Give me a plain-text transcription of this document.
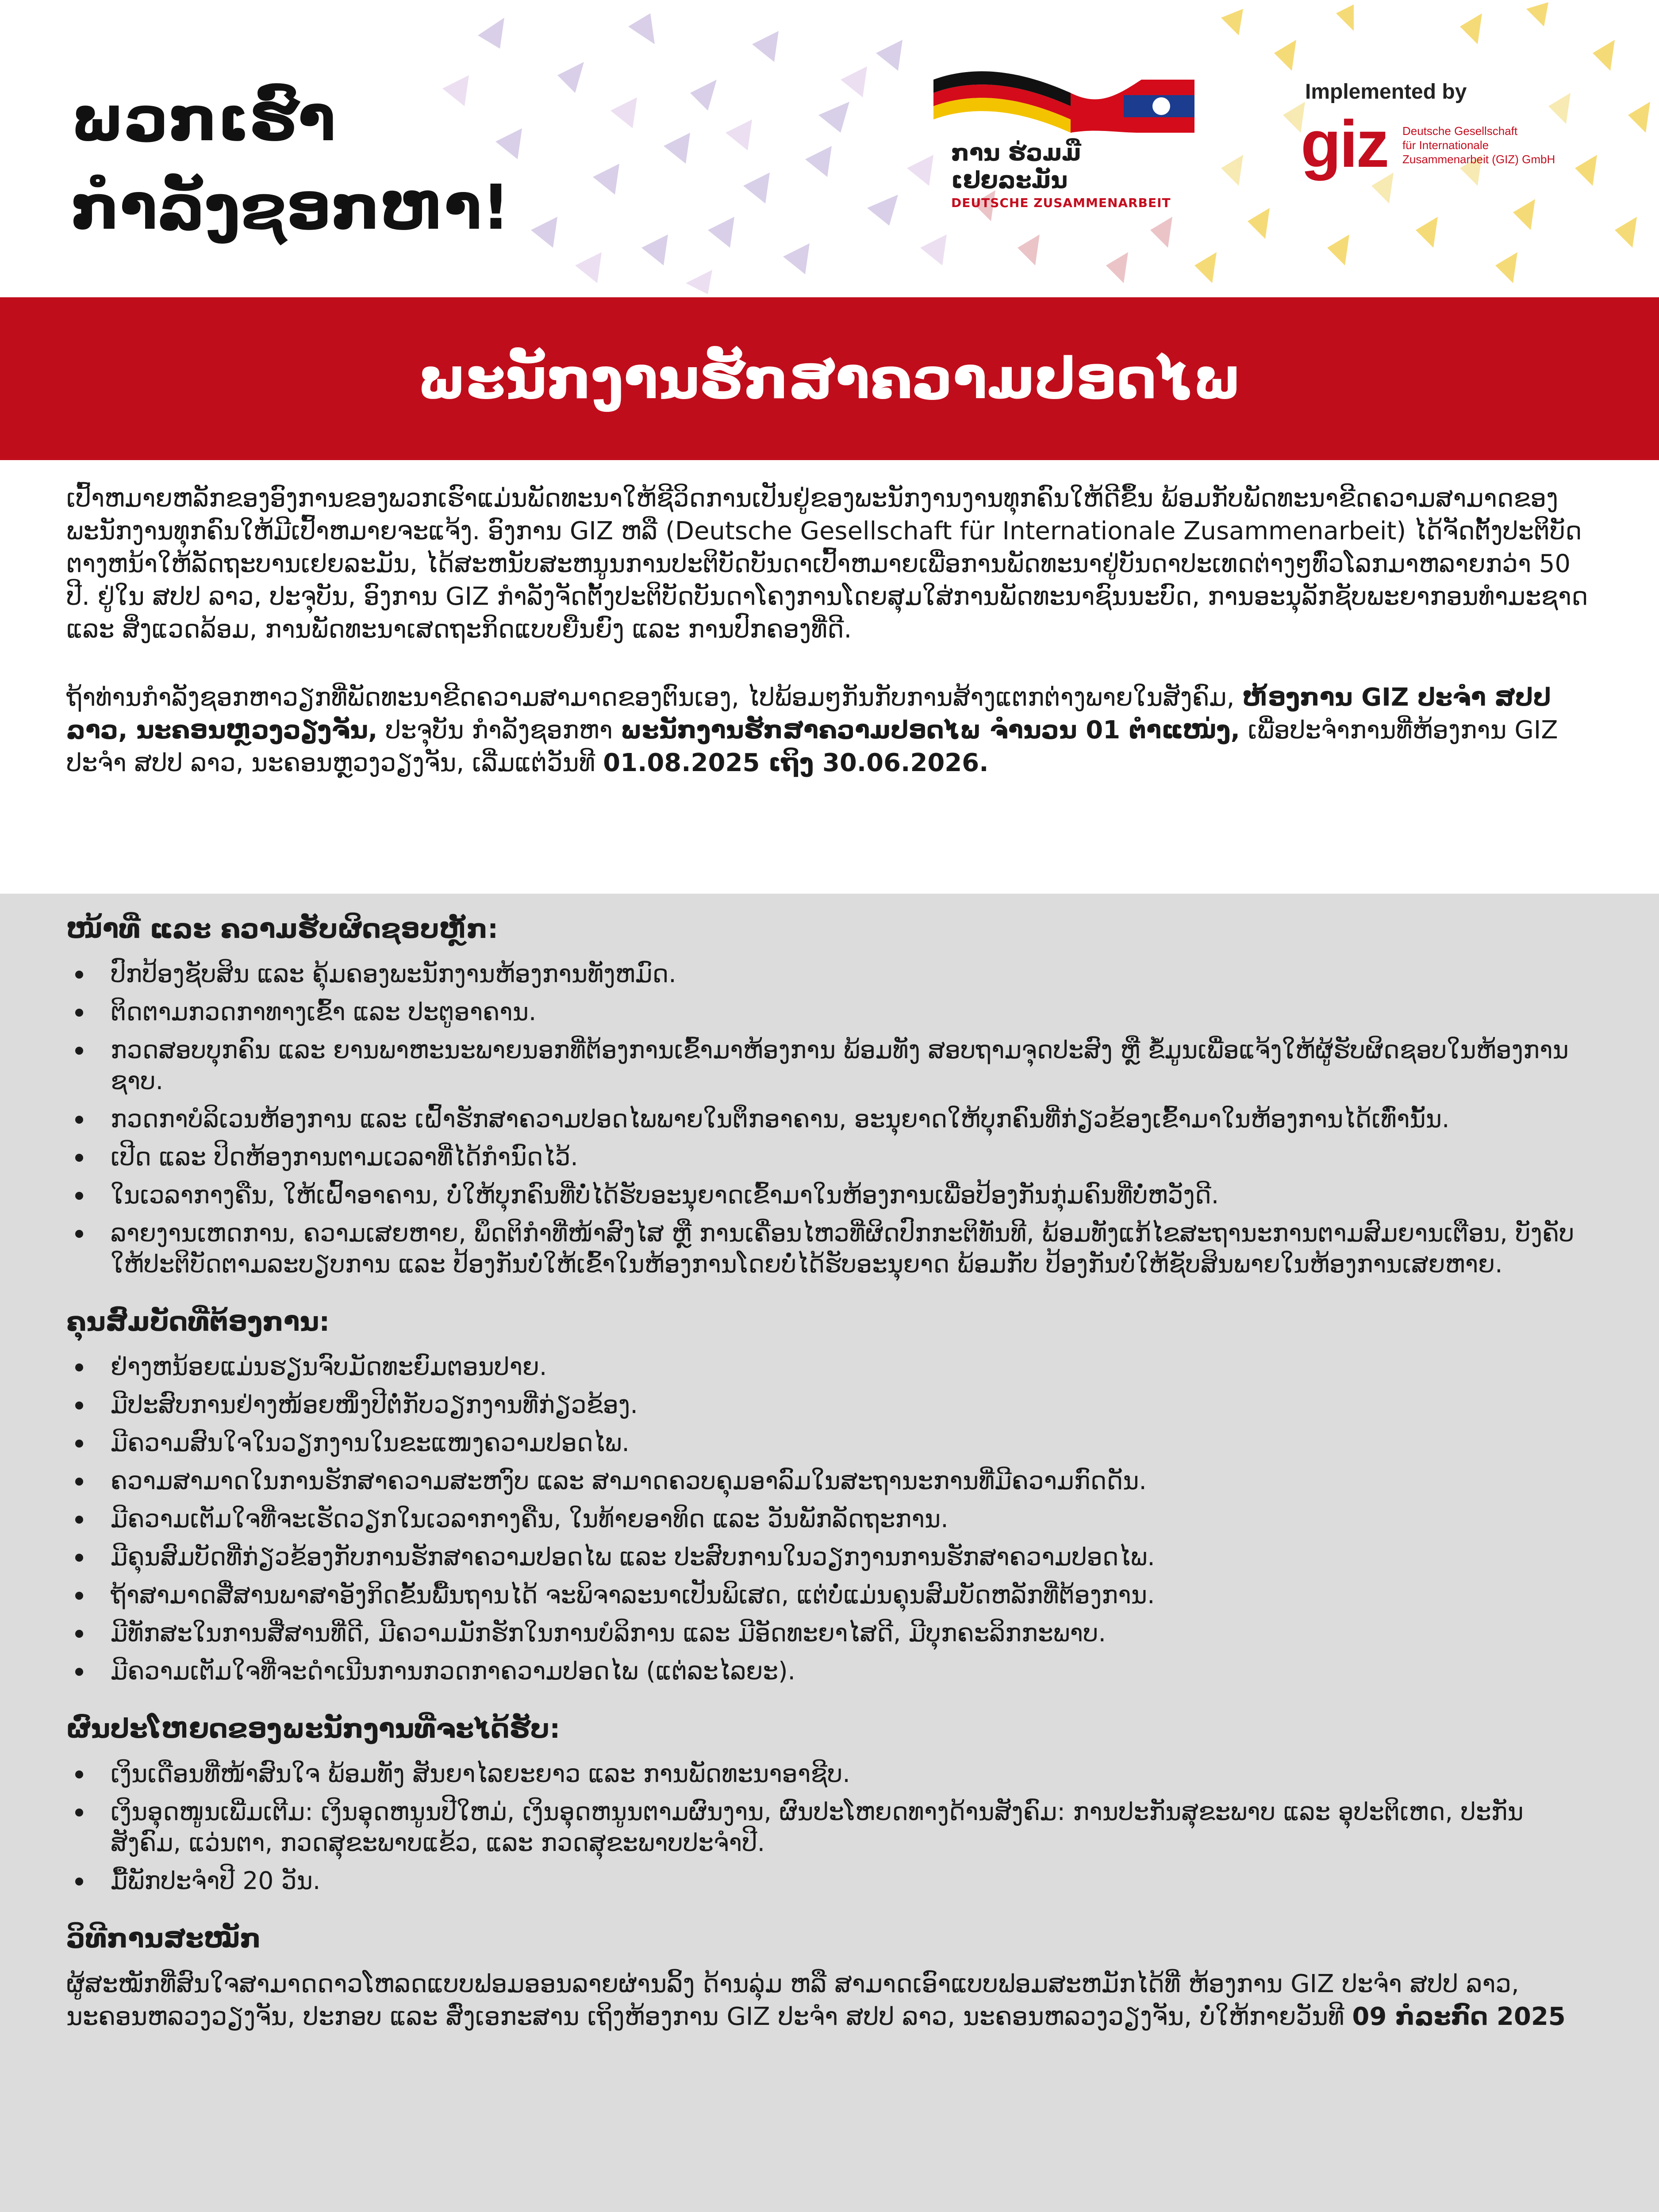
ພວກເຮົາ
ກຳລັງຊອກຫາ!
ການ ຮ່ວມມື
ເຢຍລະມັນ
DEUTSCHE ZUSAMMENARBEIT
Implemented by
giz Deutsche Gesellschaft
für Internationale
Zusammenarbeit (GIZ) GmbH
ພະນັກງານຮັກສາຄວາມປອດໄພ

ເປົ້າຫມາຍຫລັກຂອງອົງການຂອງພວກເຮົາແມ່ນພັດທະນາໃຫ້ຊີວິດການເປັນຢູ່ຂອງພະນັກງານງານທຸກຄົນໃຫ້ດີຂຶ້ນ ພ້ອມກັບພັດທະນາຂີດຄວາມສາມາດຂອງພະນັກງານທຸກຄົນໃຫ້ມີເປົ້າຫມາຍຈະແຈ້ງ. ອົງການ GIZ ຫລື (Deutsche Gesellschaft für Internationale Zusammenarbeit) ໄດ້ຈັດຕັ້ງປະຕິບັດຕາງຫນ້າໃຫ້ລັດຖະບານເຢຍລະມັນ, ໄດ້ສະຫນັບສະຫນູນການປະຕິບັດບັນດາເປົ້າຫມາຍເພື່ອການພັດທະນາຢູ່ບັນດາປະເທດຕ່າງໆທົ່ວໂລກມາຫລາຍກວ່າ 50 ປີ. ຢູ່ໃນ ສປປ ລາວ, ປະຈຸບັນ, ອົງການ GIZ ກຳລັງຈັດຕັ້ງປະຕິບັດບັນດາໂຄງການໂດຍສຸມໃສ່ການພັດທະນາຊົນນະບົດ, ການອະນຸລັກຊັບພະຍາກອນທຳມະຊາດ ແລະ ສິ່ງແວດລ້ອມ, ການພັດທະນາເສດຖະກິດແບບຍືນຍົງ ແລະ ການປົກຄອງທີ່ດີ.

ຖ້າທ່ານກຳລັງຊອກຫາວຽກທີ່ພັດທະນາຂີດຄວາມສາມາດຂອງຕົນເອງ, ໄປພ້ອມໆກັນກັບການສ້າງແຕກຕ່າງພາຍໃນສັງຄົມ, ຫ້ອງການ GIZ ປະຈຳ ສປປ ລາວ, ນະຄອນຫຼວງວຽງຈັນ, ປະຈຸບັນ ກຳລັງຊອກຫາ ພະນັກງານຮັກສາຄວາມປອດໄພ ຈຳນວນ 01 ຕຳແໜ່ງ, ເພື່ອປະຈຳການທີ່ຫ້ອງການ GIZ ປະຈຳ ສປປ ລາວ, ນະຄອນຫຼວງວຽງຈັນ, ເລີ່ມແຕ່ວັນທີ 01.08.2025 ເຖິງ 30.06.2026.

ໜ້າທີ່ ແລະ ຄວາມຮັບຜິດຊອບຫຼັກ:
ປົກປ້ອງຊັບສິນ ແລະ ຄຸ້ມຄອງພະນັກງານຫ້ອງການທັງຫມົດ.
ຕິດຕາມກວດກາທາງເຂົ້າ ແລະ ປະຕູອາຄານ.
ກວດສອບບຸກຄົນ ແລະ ຍານພາຫະນະພາຍນອກທີ່ຕ້ອງການເຂົ້າມາຫ້ອງການ ພ້ອມທັງ ສອບຖາມຈຸດປະສົງ ຫຼື ຂໍ້ມູນເພື່ອແຈ້ງໃຫ້ຜູ້ຮັບຜິດຊອບໃນຫ້ອງການຊາບ.
ກວດກາບໍລິເວນຫ້ອງການ ແລະ ເຝົ້າຮັກສາຄວາມປອດໄພພາຍໃນຕຶກອາຄານ, ອະນຸຍາດໃຫ້ບຸກຄົນທີ່ກ່ຽວຂ້ອງເຂົ້າມາໃນຫ້ອງການໄດ້ເທົ່ານັ້ນ.
ເປີດ ແລະ ປິດຫ້ອງການຕາມເວລາທີ່ໄດ້ກຳນົດໄວ້.
ໃນເວລາກາງຄືນ, ໃຫ້ເຝົ້າອາຄານ, ບໍ່ໃຫ້ບຸກຄົນທີ່ບໍ່ໄດ້ຮັບອະນຸຍາດເຂົ້າມາໃນຫ້ອງການເພື່ອປ້ອງກັນກຸ່ມຄົນທີ່ບໍ່ຫວັງດີ.
ລາຍງານເຫດການ, ຄວາມເສຍຫາຍ, ພຶດຕິກຳທີ່ໜ້າສົງໄສ ຫຼື ການເຄື່ອນໄຫວທີ່ຜິດປົກກະຕິທັນທີ, ພ້ອມທັງແກ້ໄຂສະຖານະການຕາມສົມຍານເຕືອນ, ບັງຄັບໃຫ້ປະຕິບັດຕາມລະບຽບການ ແລະ ປ້ອງກັນບໍ່ໃຫ້ເຂົ້າໃນຫ້ອງການໂດຍບໍ່ໄດ້ຮັບອະນຸຍາດ ພ້ອມກັບ ປ້ອງກັນບໍ່ໃຫ້ຊັບສິນພາຍໃນຫ້ອງການເສຍຫາຍ.
ຄຸນສົມບັດທີ່ຕ້ອງການ:
ຢ່າງຫນ້ອຍແມ່ນຮຽນຈົບມັດທະຍົມຕອນປາຍ.
ມີປະສົບການຢ່າງໜ້ອຍໜຶ່ງປີຕໍ່ກັບວຽກງານທີ່ກ່ຽວຂ້ອງ.
ມີຄວາມສົນໃຈໃນວຽກງານໃນຂະແໜງຄວາມປອດໄພ.
ຄວາມສາມາດໃນການຮັກສາຄວາມສະຫງົບ ແລະ ສາມາດຄວບຄຸມອາລົມໃນສະຖານະການທີ່ມີຄວາມກົດດັນ.
ມີຄວາມເຕັມໃຈທີ່ຈະເຮັດວຽກໃນເວລາກາງຄືນ, ໃນທ້າຍອາທິດ ແລະ ວັນພັກລັດຖະການ.
ມີຄຸນສົມບັດທີ່ກ່ຽວຂ້ອງກັບການຮັກສາຄວາມປອດໄພ ແລະ ປະສົບການໃນວຽກງານການຮັກສາຄວາມປອດໄພ.
ຖ້າສາມາດສື່ສານພາສາອັງກິດຂັ້ນພື້ນຖານໄດ້ ຈະພິຈາລະນາເປັນພິເສດ, ແຕ່ບໍ່ແມ່ນຄຸນສົມບັດຫລັກທີ່ຕ້ອງການ.
ມີທັກສະໃນການສື່ສານທີ່ດີ, ມີຄວາມມັກຮັກໃນການບໍລິການ ແລະ ມີອັດທະຍາໄສດີ, ມີບຸກຄະລິກກະພາບ.
ມີຄວາມເຕັມໃຈທີ່ຈະດຳເນີນການກວດກາຄວາມປອດໄພ (ແຕ່ລະໄລຍະ).
ຜົນປະໂຫຍດຂອງພະນັກງານທີ່ຈະໄດ້ຮັບ:
ເງິນເດືອນທີ່ໜ້າສົນໃຈ ພ້ອມທັງ ສັນຍາໄລຍະຍາວ ແລະ ການພັດທະນາອາຊີບ.
ເງິນອຸດໜູນເພີ່ມເຕີມ: ເງິນອຸດຫນູນປີໃຫມ່, ເງິນອຸດຫນູນຕາມຜົນງານ, ຜົນປະໂຫຍດທາງດ້ານສັງຄົມ: ການປະກັນສຸຂະພາບ ແລະ ອຸປະຕິເຫດ, ປະກັນສັງຄົມ, ແວ່ນຕາ, ກວດສຸຂະພາບແຂ້ວ, ແລະ ກວດສຸຂະພາບປະຈຳປີ.
ມື້ພັກປະຈຳປີ 20 ວັນ.
ວິທີການສະໝັກ

ຜູ້ສະໝັກທີ່ສົນໃຈສາມາດດາວໂຫລດແບບຟອມອອນລາຍຜ່ານລິ້ງ ດ້ານລຸ່ມ ຫລື ສາມາດເອົາແບບຟອມສະຫມັກໄດ້ທີ່ ຫ້ອງການ GIZ ປະຈຳ ສປປ ລາວ, ນະຄອນຫລວງວຽງຈັນ, ປະກອບ ແລະ ສົ່ງເອກະສານ ເຖິງຫ້ອງການ GIZ ປະຈຳ ສປປ ລາວ, ນະຄອນຫລວງວຽງຈັນ, ບໍ່ໃຫ້ກາຍວັນທີ 09 ກໍລະກົດ 2025
